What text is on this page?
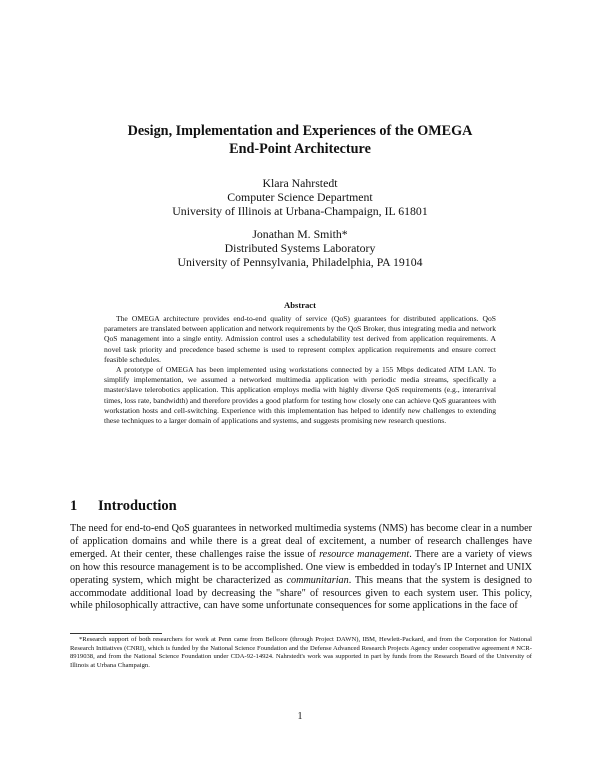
Design, Implementation and Experiences of the OMEGA
End-Point Architecture
Klara Nahrstedt
Computer Science Department
University of Illinois at Urbana-Champaign, IL 61801
Jonathan M. Smith*
Distributed Systems Laboratory
University of Pennsylvania, Philadelphia, PA 19104
Abstract

The OMEGA architecture provides end-to-end quality of service (QoS) guarantees for distributed applications. QoS parameters are translated between application and network requirements by the QoS Broker, thus integrating media and network QoS management into a single entity. Admission control uses a schedulability test derived from application requirements. A novel task priority and precedence based scheme is used to represent complex application requirements and ensure correct feasible schedules.

A prototype of OMEGA has been implemented using workstations connected by a 155 Mbps dedicated ATM LAN. To simplify implementation, we assumed a networked multimedia application with periodic media streams, specifically a master/slave telerobotics application. This application employs media with highly diverse QoS requirements (e.g., interarrival times, loss rate, bandwidth) and therefore provides a good platform for testing how closely one can achieve QoS guarantees with workstation hosts and cell-switching. Experience with this implementation has helped to identify new challenges to extending these techniques to a larger domain of applications and systems, and suggests promising new research questions.

1 Introduction

The need for end-to-end QoS guarantees in networked multimedia systems (NMS) has become clear in a number of application domains and while there is a great deal of excitement, a number of research challenges have emerged. At their center, these challenges raise the issue of resource management. There are a variety of views on how this resource management is to be accomplished. One view is embedded in today's IP Internet and UNIX operating system, which might be characterized as communitarian. This means that the system is designed to accommodate additional load by decreasing the "share" of resources given to each system user. This policy, while philosophically attractive, can have some unfortunate consequences for some applications in the face of

*Research support of both researchers for work at Penn came from Bellcore (through Project DAWN), IBM, Hewlett-Packard, and from the Corporation for National Research Initiatives (CNRI), which is funded by the National Science Foundation and the Defense Advanced Research Projects Agency under cooperative agreement # NCR-8919038, and from the National Science Foundation under CDA-92-14924. Nahrstedt's work was supported in part by funds from the Research Board of the University of Illinois at Urbana Champaign.

1
